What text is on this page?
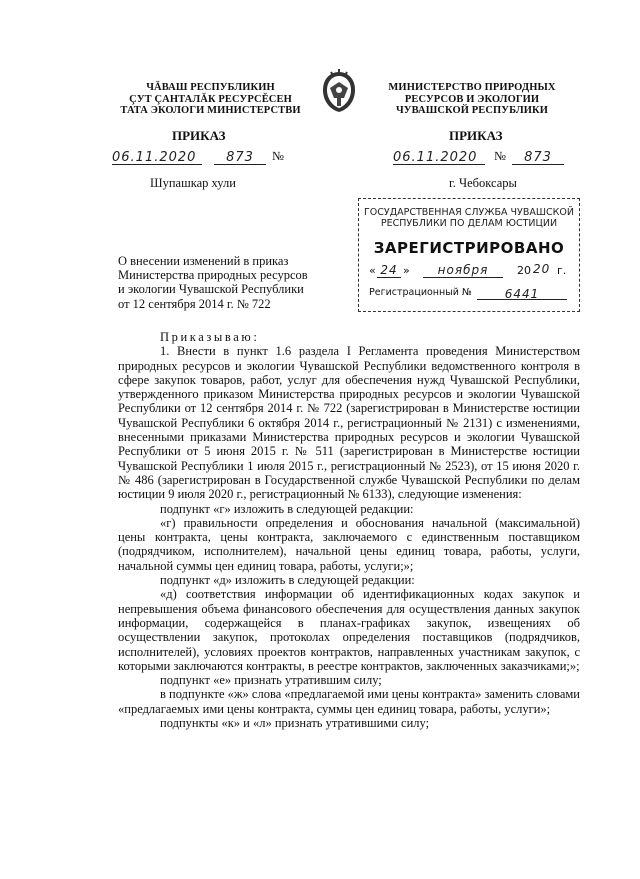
ЧĂВАШ РЕСПУБЛИКИН
ÇУТ ÇАНТАЛĂК РЕСУРСĔСЕН
ТАТА ЭКОЛОГИ МИНИСТЕРСТВИ
МИНИСТЕРСТВО ПРИРОДНЫХ
РЕСУРСОВ И ЭКОЛОГИИ
ЧУВАШСКОЙ РЕСПУБЛИКИ
ПРИКАЗ	ПРИКАЗ
06.11.2020	873	№	06.11.2020	№	873
Шупашкар хули	г. Чебоксары
ГОСУДАРСТВЕННАЯ СЛУЖБА ЧУВАШСКОЙ
РЕСПУБЛИКИ ПО ДЕЛАМ ЮСТИЦИИ
ЗАРЕГИСТРИРОВАНО
« 24 »	ноября	20 20 г.
Регистрационный №	6441
О внесении изменений в приказ
Министерства природных ресурсов
и экологии Чувашской Республики
от 12 сентября 2014 г. № 722

Приказываю:

1. Внести в пункт 1.6 раздела I Регламента проведения Министерством природных ресурсов и экологии Чувашской Республики ведомственного контроля в сфере закупок товаров, работ, услуг для обеспечения нужд Чувашской Республики, утвержденного приказом Министерства природных ресурсов и экологии Чувашской Республики от 12 сентября 2014 г. № 722 (зарегистрирован в Министерстве юстиции Чувашской Республики 6 октября 2014 г., регистрационный № 2131) с изменениями, внесенными приказами Министерства природных ресурсов и экологии Чувашской Республики от 5 июня 2015 г. № 511 (зарегистрирован в Министерстве юстиции Чувашской Республики 1 июля 2015 г., регистрационный № 2523), от 15 июня 2020 г. № 486 (зарегистрирован в Государственной службе Чувашской Республики по делам юстиции 9 июля 2020 г., регистрационный № 6133), следующие изменения:

подпункт «г» изложить в следующей редакции:

«г) правильности определения и обоснования начальной (максимальной) цены контракта, цены контракта, заключаемого с единственным поставщиком (подрядчиком, исполнителем), начальной цены единиц товара, работы, услуги, начальной суммы цен единиц товара, работы, услуги;»;

подпункт «д» изложить в следующей редакции:

«д) соответствия информации об идентификационных кодах закупок и непревышения объема финансового обеспечения для осуществления данных закупок информации, содержащейся в планах-графиках закупок, извещениях об осуществлении закупок, протоколах определения поставщиков (подрядчиков, исполнителей), условиях проектов контрактов, направленных участникам закупок, с которыми заключаются контракты, в реестре контрактов, заключенных заказчиками;»;

подпункт «е» признать утратившим силу;

в подпункте «ж» слова «предлагаемой ими цены контракта» заменить словами «предлагаемых ими цены контракта, суммы цен единиц товара, работы, услуги»;

подпункты «к» и «л» признать утратившими силу;
